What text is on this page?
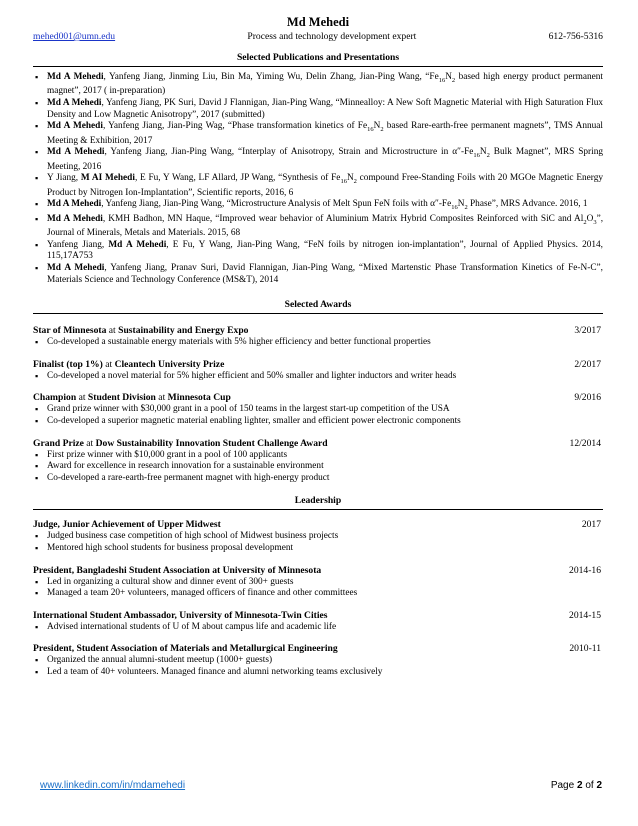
Md Mehedi
mehed001@umn.edu	Process and technology development expert	612-756-5316
Selected Publications and Presentations
▪ Md A Mehedi, Yanfeng Jiang, Jinming Liu, Bin Ma, Yiming Wu, Delin Zhang, Jian-Ping Wang, “$Fe_{16}N_2$ based high energy product permanent magnet”, 2017 ( in-preparation)
▪ Md A Mehedi, Yanfeng Jiang, PK Suri, David J Flannigan, Jian-Ping Wang, “Minnealloy: A New Soft Magnetic Material with High Saturation Flux Density and Low Magnetic Anisotropy”, 2017 (submitted)
▪ Md A Mehedi, Yanfeng Jiang, Jian-Ping Wag, “Phase transformation kinetics of $Fe_{16}N_2$ based Rare-earth-free permanent magnets”, TMS Annual Meeting & Exhibition, 2017
▪ Md A Mehedi, Yanfeng Jiang, Jian-Ping Wang, “Interplay of Anisotropy, Strain and Microstructure in $\alpha''-Fe_{16}N_2$ Bulk Magnet”, MRS Spring Meeting, 2016
▪ Y Jiang, M AI Mehedi, E Fu, Y Wang, LF Allard, JP Wang, “Synthesis of $Fe_{16}N_2$ compound Free-Standing Foils with 20 MGOe Magnetic Energy Product by Nitrogen Ion-Implantation”, Scientific reports, 2016, 6
▪ Md A Mehedi, Yanfeng Jiang, Jian-Ping Wang, “Microstructure Analysis of Melt Spun FeN foils with $\alpha''-Fe_{16}N_2$ Phase”, MRS Advance. 2016, 1
▪ Md A Mehedi, KMH Badhon, MN Haque, “Improved wear behavior of Aluminium Matrix Hybrid Composites Reinforced with SiC and $Al_2O_3$”, Journal of Minerals, Metals and Materials. 2015, 68
▪ Yanfeng Jiang, Md A Mehedi, E Fu, Y Wang, Jian-Ping Wang, “FeN foils by nitrogen ion-implantation”, Journal of Applied Physics. 2014, 115,17A753
▪ Md A Mehedi, Yanfeng Jiang, Pranav Suri, David Flannigan, Jian-Ping Wang, “Mixed Martenstic Phase Transformation Kinetics of Fe-N-C”, Materials Science and Technology Conference (MS&T), 2014
Selected Awards
Star of Minnesota at Sustainability and Energy Expo	3/2017
▪ Co-developed a sustainable energy materials with 5% higher efficiency and better functional properties
Finalist (top 1%) at Cleantech University Prize	2/2017
▪ Co-developed a novel material for 5% higher efficient and 50% smaller and lighter inductors and writer heads
Champion at Student Division at Minnesota Cup	9/2016
▪ Grand prize winner with $30,000 grant in a pool of 150 teams in the largest start-up competition of the USA
▪ Co-developed a superior magnetic material enabling lighter, smaller and efficient power electronic components
Grand Prize at Dow Sustainability Innovation Student Challenge Award	12/2014
▪ First prize winner with $10,000 grant in a pool of 100 applicants
▪ Award for excellence in research innovation for a sustainable environment
▪ Co-developed a rare-earth-free permanent magnet with high-energy product
Leadership
Judge, Junior Achievement of Upper Midwest	2017
▪ Judged business case competition of high school of Midwest business projects
▪ Mentored high school students for business proposal development
President, Bangladeshi Student Association at University of Minnesota	2014-16
▪ Led in organizing a cultural show and dinner event of 300+ guests
▪ Managed a team 20+ volunteers, managed officers of finance and other committees
International Student Ambassador, University of Minnesota-Twin Cities	2014-15
▪ Advised international students of U of M about campus life and academic life
President, Student Association of Materials and Metallurgical Engineering	2010-11
▪ Organized the annual alumni-student meetup (1000+ guests)
▪ Led a team of 40+ volunteers. Managed finance and alumni networking teams exclusively
www.linkedin.com/in/mdamehedi	Page 2 of 2
